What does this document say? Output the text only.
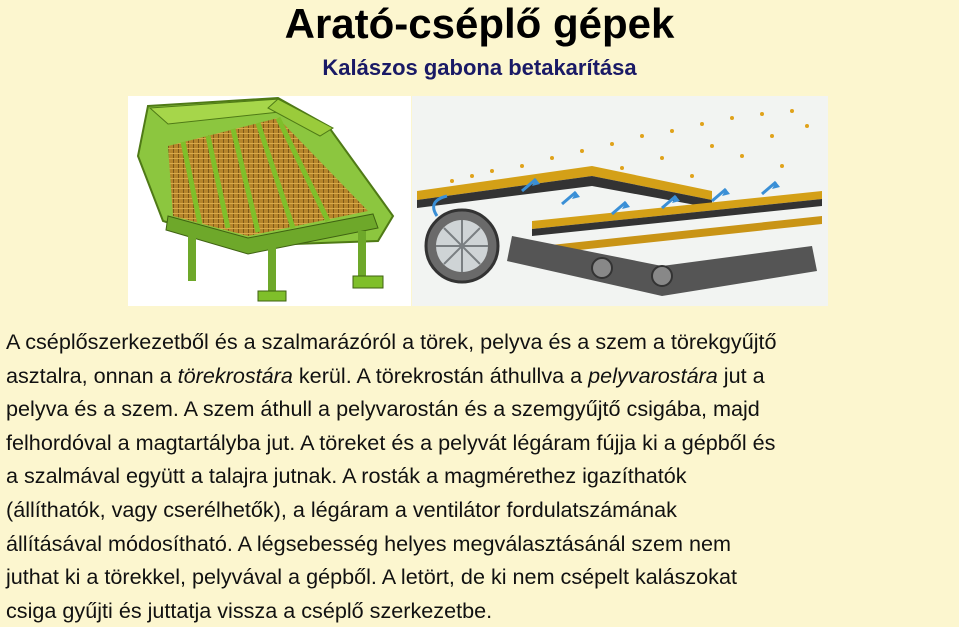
Arató-cséplő gépek
Kalászos gabona betakarítása
A cséplőszerkezetből és a szalmarázóról a törek, pelyva és a szem a törekgyűjtő
asztalra, onnan a törekrostára kerül. A törekrostán áthullva a pelyvarostára jut a
pelyva és a szem. A szem áthull a pelyvarostán és a szemgyűjtő csigába, majd
felhordóval a magtartályba jut. A töreket és a pelyvát légáram fújja ki a gépből és
a szalmával együtt a talajra jutnak. A rosták a magmérethez igazíthatók
(állíthatók, vagy cserélhetők), a légáram a ventilátor fordulatszámának
állításával módosítható. A légsebesség helyes megválasztásánál szem nem
juthat ki a törekkel, pelyvával a gépből. A letört, de ki nem csépelt kalászokat
csiga gyűjti és juttatja vissza a cséplő szerkezetbe.
